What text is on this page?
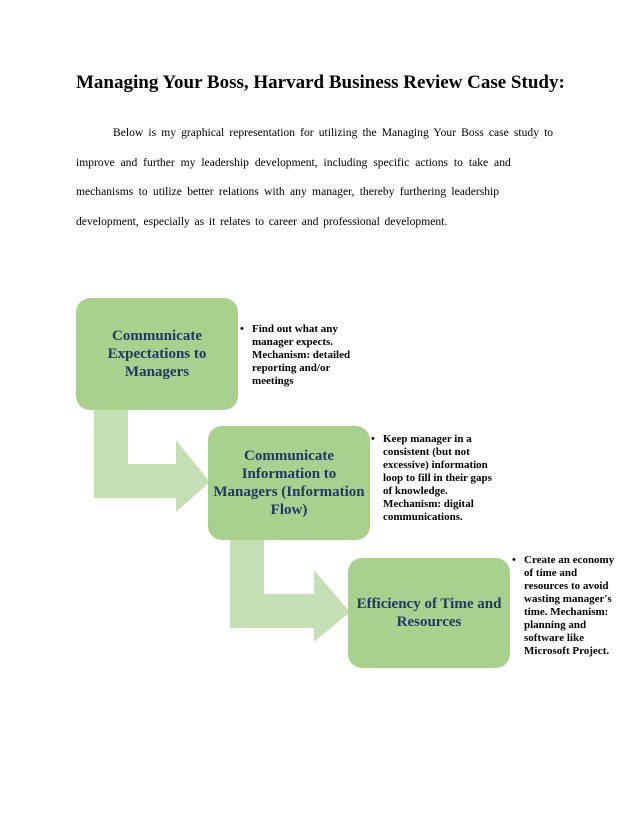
Managing Your Boss, Harvard Business Review Case Study:
Below is my graphical representation for utilizing the Managing Your Boss case study to
improve and further my leadership development, including specific actions to take and
mechanisms to utilize better relations with any manager, thereby furthering leadership
development, especially as it relates to career and professional development.
Communicate Expectations to Managers
Communicate Information to Managers (Information Flow)
Efficiency of Time and Resources
• Find out what any manager expects. Mechanism: detailed reporting and/or meetings
• Keep manager in a consistent (but not excessive) information loop to fill in their gaps of knowledge. Mechanism: digital communications.
• Create an economy of time and resources to avoid wasting manager's time. Mechanism: planning and software like Microsoft Project.
